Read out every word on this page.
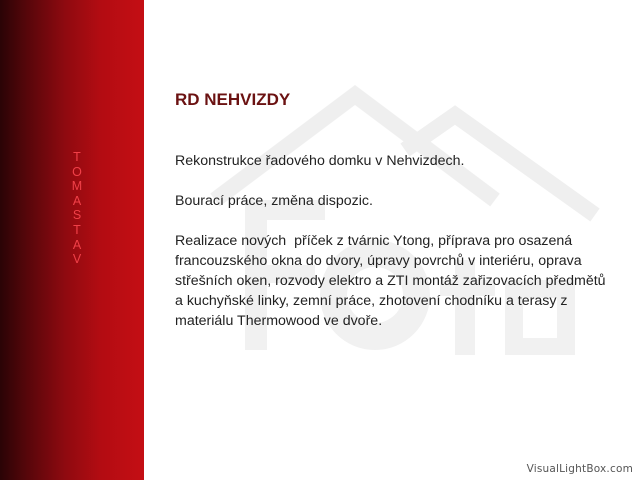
T
O
M
A
S
T
A
V
RD NEHVIZDY

Rekonstrukce řadového domku v Nehvizdech.

Bourací práce, změna dispozic.

Realizace nových  příček z tvárnic Ytong, příprava pro osazená francouzského okna do dvory, úpravy povrchů v interiéru, oprava střešních oken, rozvody elektro a ZTI montáž zařizovacích předmětů a kuchyňské linky, zemní práce, zhotovení chodníku a terasy z materiálu Thermowood ve dvoře.

VisualLightBox.com
